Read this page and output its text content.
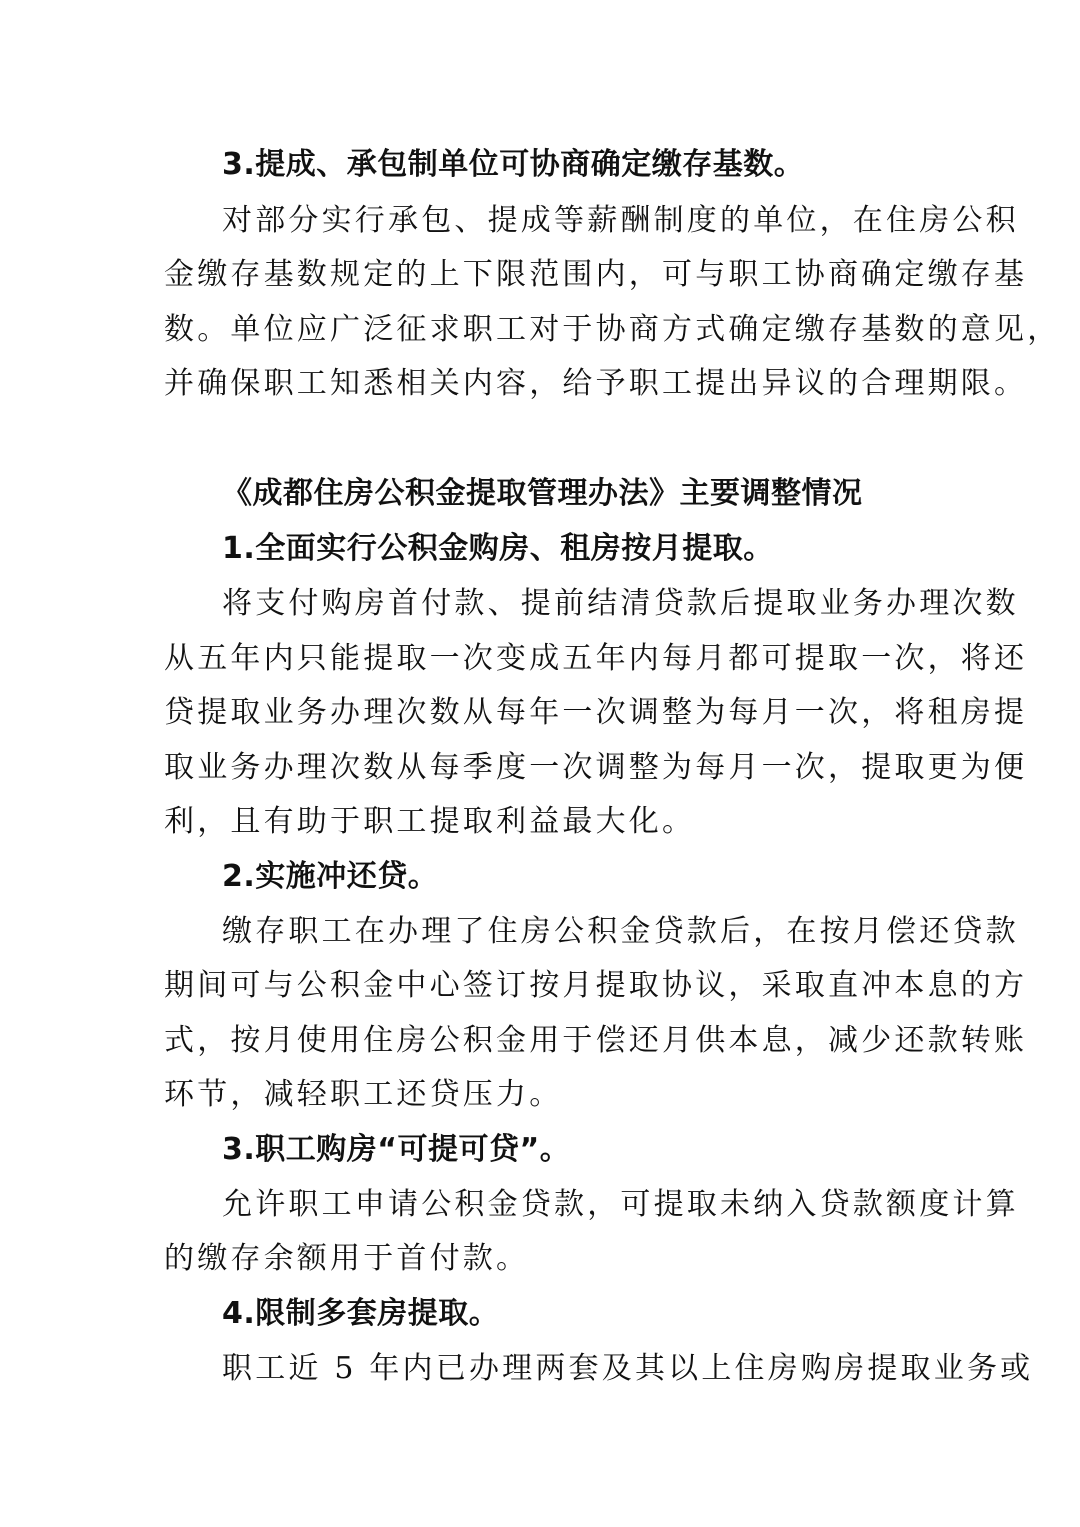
3.提成、承包制单位可协商确定缴存基数。
对部分实行承包、提成等薪酬制度的单位，在住房公积
金缴存基数规定的上下限范围内，可与职工协商确定缴存基
数。单位应广泛征求职工对于协商方式确定缴存基数的意见，
并确保职工知悉相关内容，给予职工提出异议的合理期限。
《成都住房公积金提取管理办法》主要调整情况
1.全面实行公积金购房、租房按月提取。
将支付购房首付款、提前结清贷款后提取业务办理次数
从五年内只能提取一次变成五年内每月都可提取一次，将还
贷提取业务办理次数从每年一次调整为每月一次，将租房提
取业务办理次数从每季度一次调整为每月一次，提取更为便
利，且有助于职工提取利益最大化。
2.实施冲还贷。
缴存职工在办理了住房公积金贷款后，在按月偿还贷款
期间可与公积金中心签订按月提取协议，采取直冲本息的方
式，按月使用住房公积金用于偿还月供本息，减少还款转账
环节，减轻职工还贷压力。
3.职工购房“可提可贷”。
允许职工申请公积金贷款，可提取未纳入贷款额度计算
的缴存余额用于首付款。
4.限制多套房提取。
职工近 5 年内已办理两套及其以上住房购房提取业务或
